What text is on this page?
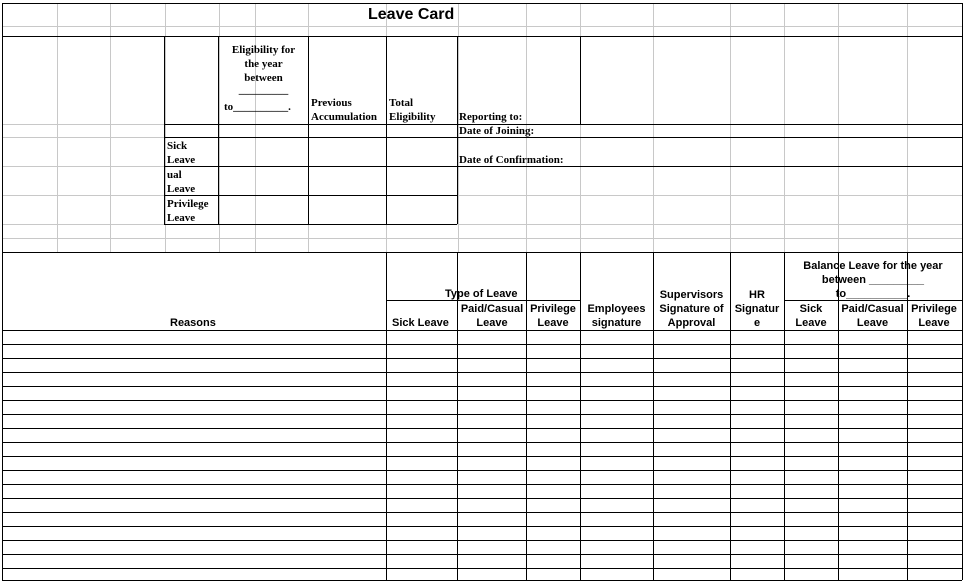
Leave Card
Eligibility for
the year
between
_________
to__________. Previous
Accumulation
Total
Eligibility Reporting to:
Date of Joining:
Date of Confirmation:
Sick
Leave
ual
Leave
Privilege
Leave
Reasons
Type of Leave
Sick Leave
Paid/Casual
Leave
Privilege
Leave
Employees
signature
Supervisors
Signature of
Approval
HR
Signatur
e
Balance Leave for the year
between _________
to__________.
Sick
Leave
Paid/Casual
Leave
Privilege
Leave
